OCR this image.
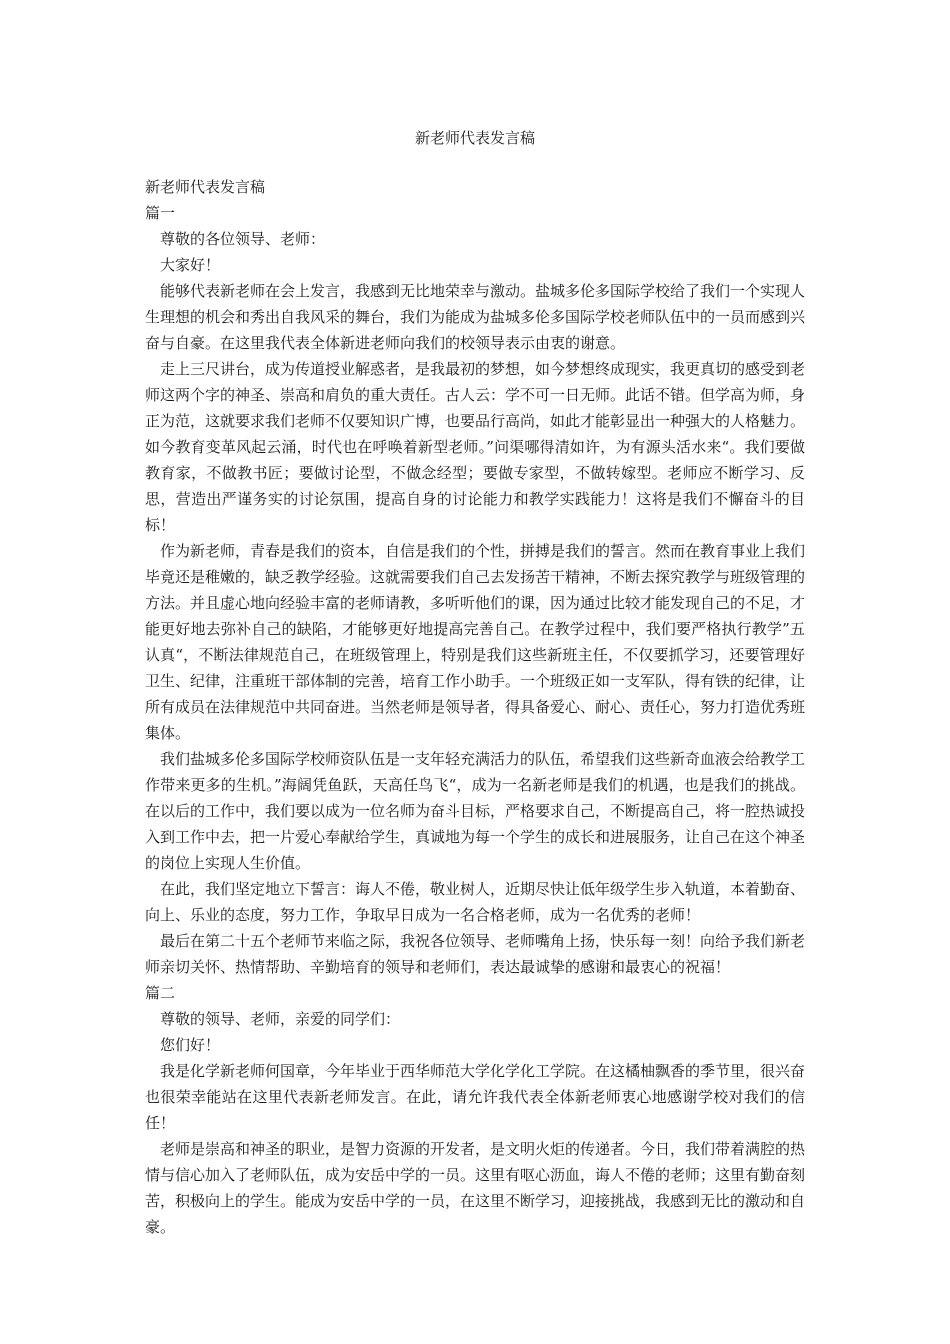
新老师代表发言稿

新老师代表发言稿

篇一

尊敬的各位领导、老师：

大家好！

能够代表新老师在会上发言，我感到无比地荣幸与激动。盐城多伦多国际学校给了我们一个实现人生理想的机会和秀出自我风采的舞台，我们为能成为盐城多伦多国际学校老师队伍中的一员而感到兴奋与自豪。在这里我代表全体新进老师向我们的校领导表示由衷的谢意。

走上三尺讲台，成为传道授业解惑者，是我最初的梦想，如今梦想终成现实，我更真切的感受到老师这两个字的神圣、崇高和肩负的重大责任。古人云：学不可一日无师。此话不错。但学高为师，身正为范，这就要求我们老师不仅要知识广博，也要品行高尚，如此才能彰显出一种强大的人格魅力。如今教育变革风起云涌，时代也在呼唤着新型老师。”问渠哪得清如许，为有源头活水来“。我们要做教育家，不做教书匠；要做讨论型，不做念经型；要做专家型，不做转嫁型。老师应不断学习、反思，营造出严谨务实的讨论氛围，提高自身的讨论能力和教学实践能力！这将是我们不懈奋斗的目标！

作为新老师，青春是我们的资本，自信是我们的个性，拼搏是我们的誓言。然而在教育事业上我们毕竟还是稚嫩的，缺乏教学经验。这就需要我们自己去发扬苦干精神，不断去探究教学与班级管理的方法。并且虚心地向经验丰富的老师请教，多听听他们的课，因为通过比较才能发现自己的不足，才能更好地去弥补自己的缺陷，才能够更好地提高完善自己。在教学过程中，我们要严格执行教学”五认真“，不断法律规范自己，在班级管理上，特别是我们这些新班主任，不仅要抓学习，还要管理好卫生、纪律，注重班干部体制的完善，培育工作小助手。一个班级正如一支军队，得有铁的纪律，让所有成员在法律规范中共同奋进。当然老师是领导者，得具备爱心、耐心、责任心，努力打造优秀班集体。

我们盐城多伦多国际学校师资队伍是一支年轻充满活力的队伍，希望我们这些新奇血液会给教学工作带来更多的生机。”海阔凭鱼跃，天高任鸟飞“，成为一名新老师是我们的机遇，也是我们的挑战。在以后的工作中，我们要以成为一位名师为奋斗目标，严格要求自己，不断提高自己，将一腔热诚投入到工作中去，把一片爱心奉献给学生，真诚地为每一个学生的成长和进展服务，让自己在这个神圣的岗位上实现人生价值。

在此，我们坚定地立下誓言：诲人不倦，敬业树人，近期尽快让低年级学生步入轨道，本着勤奋、向上、乐业的态度，努力工作，争取早日成为一名合格老师，成为一名优秀的老师！

最后在第二十五个老师节来临之际，我祝各位领导、老师嘴角上扬，快乐每一刻！向给予我们新老师亲切关怀、热情帮助、辛勤培育的领导和老师们，表达最诚挚的感谢和最衷心的祝福！

篇二

尊敬的领导、老师，亲爱的同学们：

您们好！

我是化学新老师何国章，今年毕业于西华师范大学化学化工学院。在这橘柚飘香的季节里，很兴奋也很荣幸能站在这里代表新老师发言。在此，请允许我代表全体新老师衷心地感谢学校对我们的信任！

老师是崇高和神圣的职业，是智力资源的开发者，是文明火炬的传递者。今日，我们带着满腔的热情与信心加入了老师队伍，成为安岳中学的一员。这里有呕心沥血，诲人不倦的老师；这里有勤奋刻苦，积极向上的学生。能成为安岳中学的一员，在这里不断学习，迎接挑战，我感到无比的激动和自豪。
